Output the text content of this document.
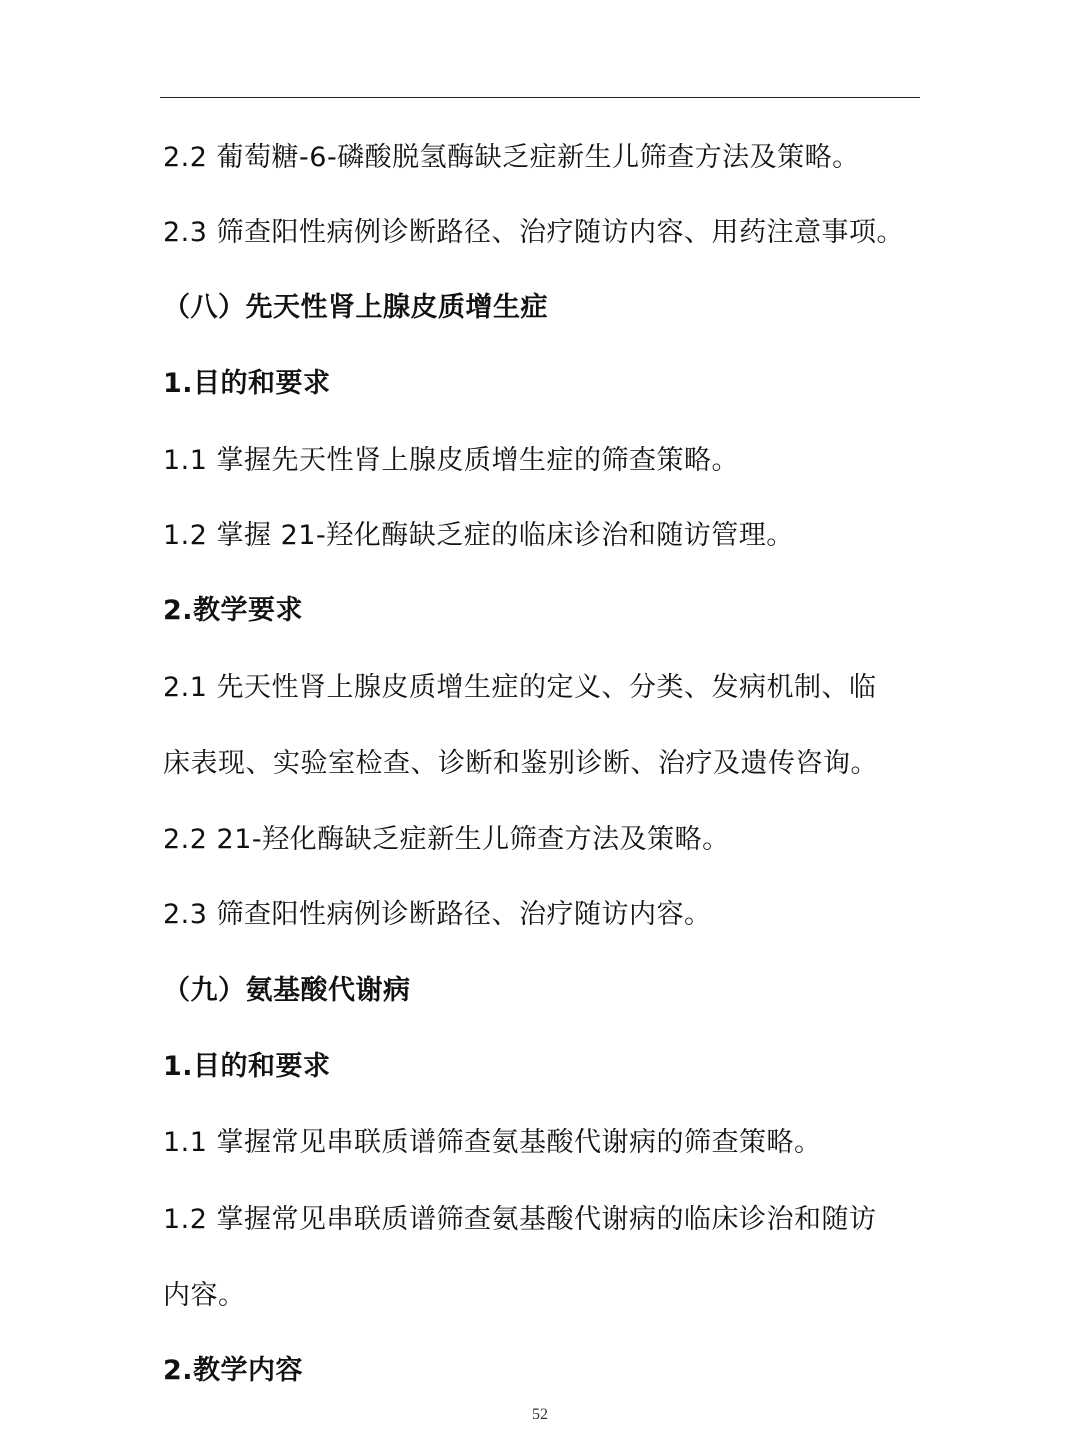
2.2 葡萄糖-6-磷酸脱氢酶缺乏症新生儿筛查方法及策略。
2.3 筛查阳性病例诊断路径、治疗随访内容、用药注意事项。
（八）先天性肾上腺皮质增生症
1.目的和要求
1.1 掌握先天性肾上腺皮质增生症的筛查策略。
1.2 掌握 21-羟化酶缺乏症的临床诊治和随访管理。
2.教学要求
2.1 先天性肾上腺皮质增生症的定义、分类、发病机制、临
床表现、实验室检查、诊断和鉴别诊断、治疗及遗传咨询。
2.2 21-羟化酶缺乏症新生儿筛查方法及策略。
2.3 筛查阳性病例诊断路径、治疗随访内容。
（九）氨基酸代谢病
1.目的和要求
1.1 掌握常见串联质谱筛查氨基酸代谢病的筛查策略。
1.2 掌握常见串联质谱筛查氨基酸代谢病的临床诊治和随访
内容。
2.教学内容
52
